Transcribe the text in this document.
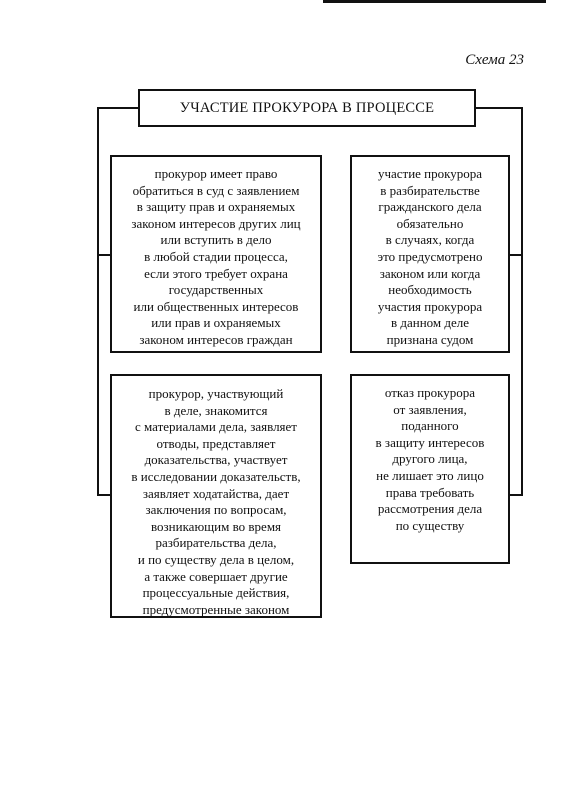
Схема 23
УЧАСТИЕ ПРОКУРОРА В ПРОЦЕССЕ
прокурор имеет право
обратиться в суд с заявлением
в защиту прав и охраняемых
законом интересов других лиц
или вступить в дело
в любой стадии процесса,
если этого требует охрана
государственных
или общественных интересов
или прав и охраняемых
законом интересов граждан
участие прокурора
в разбирательстве
гражданского дела
обязательно
в случаях, когда
это предусмотрено
законом или когда
необходимость
участия прокурора
в данном деле
признана судом
прокурор, участвующий
в деле, знакомится
с материалами дела, заявляет
отводы, представляет
доказательства, участвует
в исследовании доказательств,
заявляет ходатайства, дает
заключения по вопросам,
возникающим во время
разбирательства дела,
и по существу дела в целом,
а также совершает другие
процессуальные действия,
предусмотренные законом
отказ прокурора
от заявления,
поданного
в защиту интересов
другого лица,
не лишает это лицо
права требовать
рассмотрения дела
по существу
